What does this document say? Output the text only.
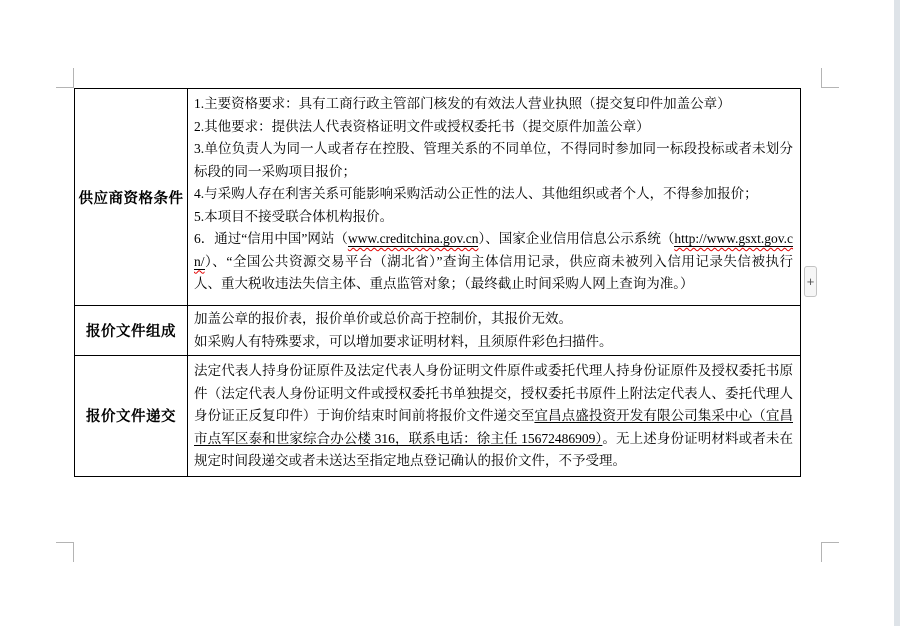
供应商资格条件

1.主要资格要求：具有工商行政主管部门核发的有效法人营业执照（提交复印件加盖公章）

2.其他要求：提供法人代表资格证明文件或授权委托书（提交原件加盖公章）

3.单位负责人为同一人或者存在控股、管理关系的不同单位，不得同时参加同一标段投标或者未划分标段的同一采购项目报价；

4.与采购人存在利害关系可能影响采购活动公正性的法人、其他组织或者个人，不得参加报价；

5.本项目不接受联合体机构报价。

6．通过“信用中国”网站（www.creditchina.gov.cn）、国家企业信用信息公示系统（http://www.gsxt.gov.cn/）、“全国公共资源交易平台（湖北省）”查询主体信用记录，供应商未被列入信用记录失信被执行人、重大税收违法失信主体、重点监管对象；（最终截止时间采购人网上查询为准。）

报价文件组成

加盖公章的报价表，报价单价或总价高于控制价，其报价无效。

如采购人有特殊要求，可以增加要求证明材料，且须原件彩色扫描件。

报价文件递交

法定代表人持身份证原件及法定代表人身份证明文件原件或委托代理人持身份证原件及授权委托书原件（法定代表人身份证明文件或授权委托书单独提交，授权委托书原件上附法定代表人、委托代理人身份证正反复印件）于询价结束时间前将报价文件递交至宜昌点盛投资开发有限公司集采中心（宜昌市点军区泰和世家综合办公楼 316，联系电话：徐主任 15672486909）。无上述身份证明材料或者未在规定时间段递交或者未送达至指定地点登记确认的报价文件，不予受理。

+
